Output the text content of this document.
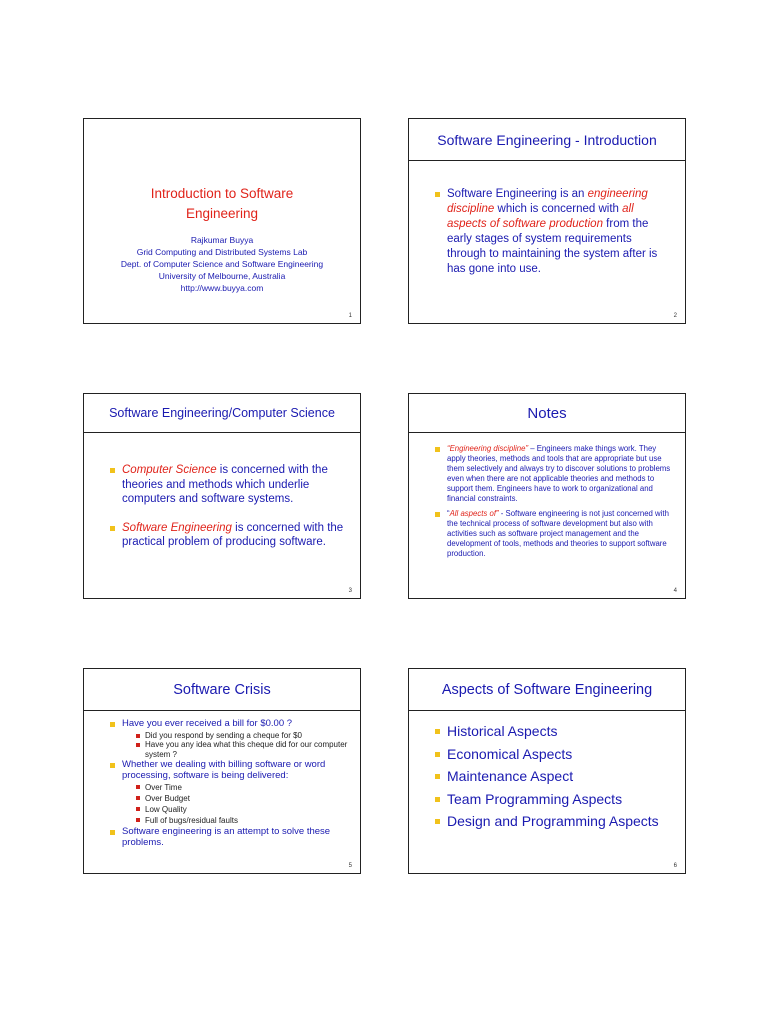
Introduction to Software
Engineering
Rajkumar Buyya
Grid Computing and Distributed Systems Lab
Dept. of Computer Science and Software Engineering
University of Melbourne, Australia
http://www.buyya.com
1
Software Engineering - Introduction
Software Engineering is an engineering discipline which is concerned with all aspects of software production from the early stages of system requirements through to maintaining the system after is has gone into use.
2
Software Engineering/Computer Science
Computer Science is concerned with the theories and methods which underlie computers and software systems.
Software Engineering is concerned with the practical problem of producing software.
3
Notes
“Engineering discipline” – Engineers make things work. They apply theories, methods and tools that are appropriate but use them selectively and always try to discover solutions to problems even when there are not applicable theories and methods to support them. Engineers have to work to organizational and financial constraints.
“All aspects of” - Software engineering is not just concerned with the technical process of software development but also with activities such as software project management and the development of tools, methods and theories to support software production.
4
Software Crisis
Have you ever received a bill for $0.00 ?
Did you respond by sending a cheque for $0
Have you any idea what this cheque did for our computer system ?
Whether we dealing with billing software or word processing, software is being delivered:
Over Time
Over Budget
Low Quality
Full of bugs/residual faults
Software engineering is an attempt to solve these problems.
5
Aspects of Software Engineering
Historical Aspects
Economical Aspects
Maintenance Aspect
Team Programming Aspects
Design and Programming Aspects
6
